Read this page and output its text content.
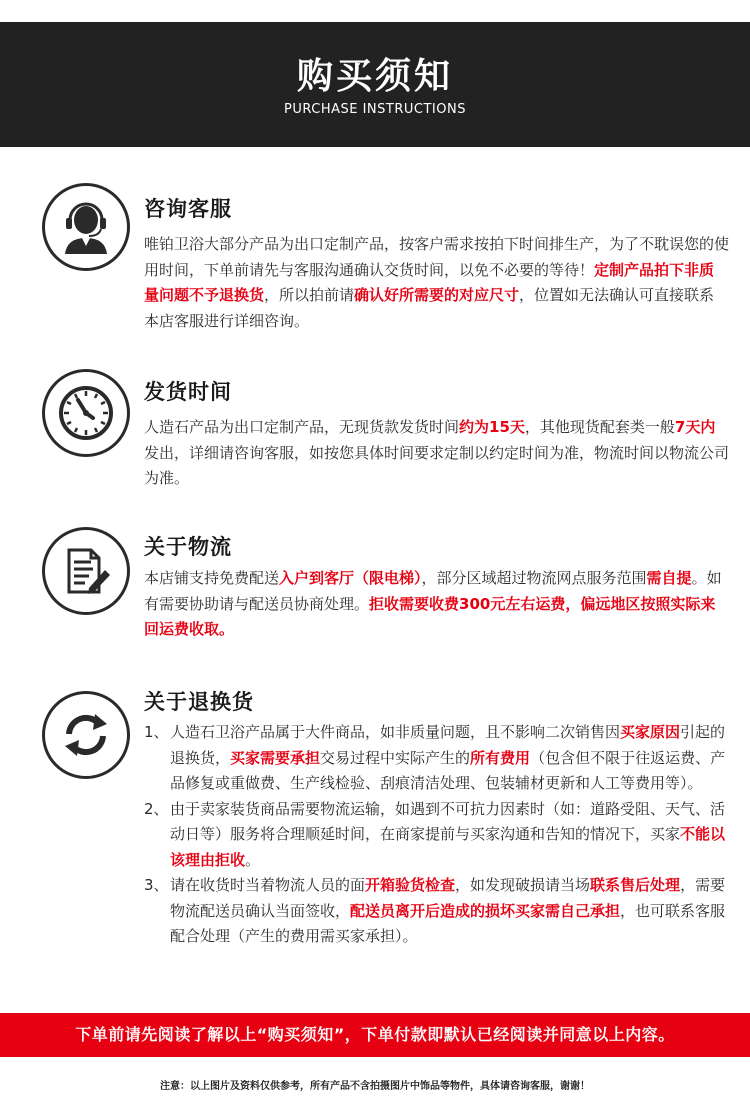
购买须知
PURCHASE INSTRUCTIONS
咨询客服
唯铂卫浴大部分产品为出口定制产品，按客户需求按拍下时间排生产，为了不耽误您的使用时间，下单前请先与客服沟通确认交货时间，以免不必要的等待！定制产品拍下非质量问题不予退换货，所以拍前请确认好所需要的对应尺寸，位置如无法确认可直接联系本店客服进行详细咨询。
发货时间
人造石产品为出口定制产品，无现货款发货时间约为15天，其他现货配套类一般7天内发出，详细请咨询客服，如按您具体时间要求定制以约定时间为准，物流时间以物流公司为准。
关于物流
本店铺支持免费配送入户到客厅（限电梯），部分区域超过物流网点服务范围需自提。如有需要协助请与配送员协商处理。拒收需要收费300元左右运费，偏远地区按照实际来回运费收取。
关于退换货
1、 人造石卫浴产品属于大件商品，如非质量问题，且不影响二次销售因买家原因引起的退换货，买家需要承担交易过程中实际产生的所有费用（包含但不限于往返运费、产品修复或重做费、生产线检验、刮痕清洁处理、包装辅材更新和人工等费用等）。
2、 由于卖家装货商品需要物流运输，如遇到不可抗力因素时（如：道路受阻、天气、活动日等）服务将合理顺延时间，在商家提前与买家沟通和告知的情况下，买家不能以该理由拒收。
3、 请在收货时当着物流人员的面开箱验货检查，如发现破损请当场联系售后处理，需要物流配送员确认当面签收，配送员离开后造成的损坏买家需自己承担，也可联系客服配合处理（产生的费用需买家承担）。
下单前请先阅读了解以上“购买须知”，下单付款即默认已经阅读并同意以上内容。
注意：以上图片及资料仅供参考，所有产品不含拍摄图片中饰品等物件，具体请咨询客服，谢谢！
